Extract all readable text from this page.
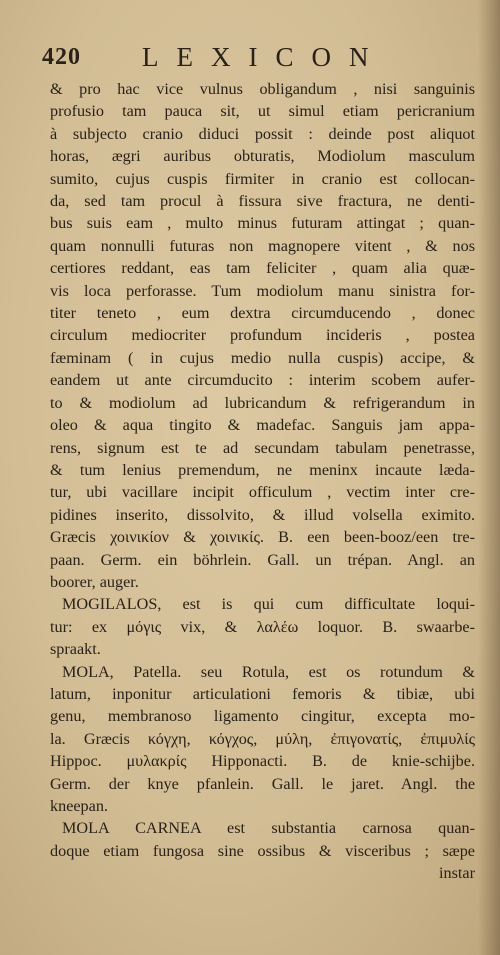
420 LEXICON
& pro hac vice vulnus obligandum , nisi sanguinis
profusio tam pauca sit, ut simul etiam pericranium
à subjecto cranio diduci possit : deinde post aliquot
horas, ægri auribus obturatis, Modiolum masculum
sumito, cujus cuspis firmiter in cranio est collocan-
da, sed tam procul à fissura sive fractura, ne denti-
bus suis eam , multo minus futuram attingat ; quan-
quam nonnulli futuras non magnopere vitent , & nos
certiores reddant, eas tam feliciter , quam alia quæ-
vis loca perforasse. Tum modiolum manu sinistra for-
titer teneto , eum dextra circumducendo , donec
circulum mediocriter profundum incideris , postea
fæminam ( in cujus medio nulla cuspis) accipe, &
eandem ut ante circumducito : interim scobem aufer-
to & modiolum ad lubricandum & refrigerandum in
oleo & aqua tingito & madefac. Sanguis jam appa-
rens, signum est te ad secundam tabulam penetrasse,
& tum lenius premendum, ne meninx incaute læda-
tur, ubi vacillare incipit officulum , vectim inter cre-
pidines inserito, dissolvito, & illud volsella eximito.
Græcis χοινικίον & χοινικίς. B. een been-booz/een tre-
paan. Germ. ein böhrlein. Gall. un trépan. Angl. an
boorer, auger.
MOGILALOS, est is qui cum difficultate loqui-
tur: ex μόγις vix, & λαλέω loquor. B. swaarbe-
spraakt.
MOLA, Patella. seu Rotula, est os rotundum &
latum, inponitur articulationi femoris & tibiæ, ubi
genu, membranoso ligamento cingitur, excepta mo-
la. Græcis κόγχη, κόγχος, μύλη, ἐπιγονατίς, ἐπιμυλίς
Hippoc. μυλακρίς Hipponacti. B. de knie-schijbe.
Germ. der knye pfanlein. Gall. le jaret. Angl. the
kneepan.
MOLA CARNEA est substantia carnosa quan-
doque etiam fungosa sine ossibus & visceribus ; sæpe
instar
